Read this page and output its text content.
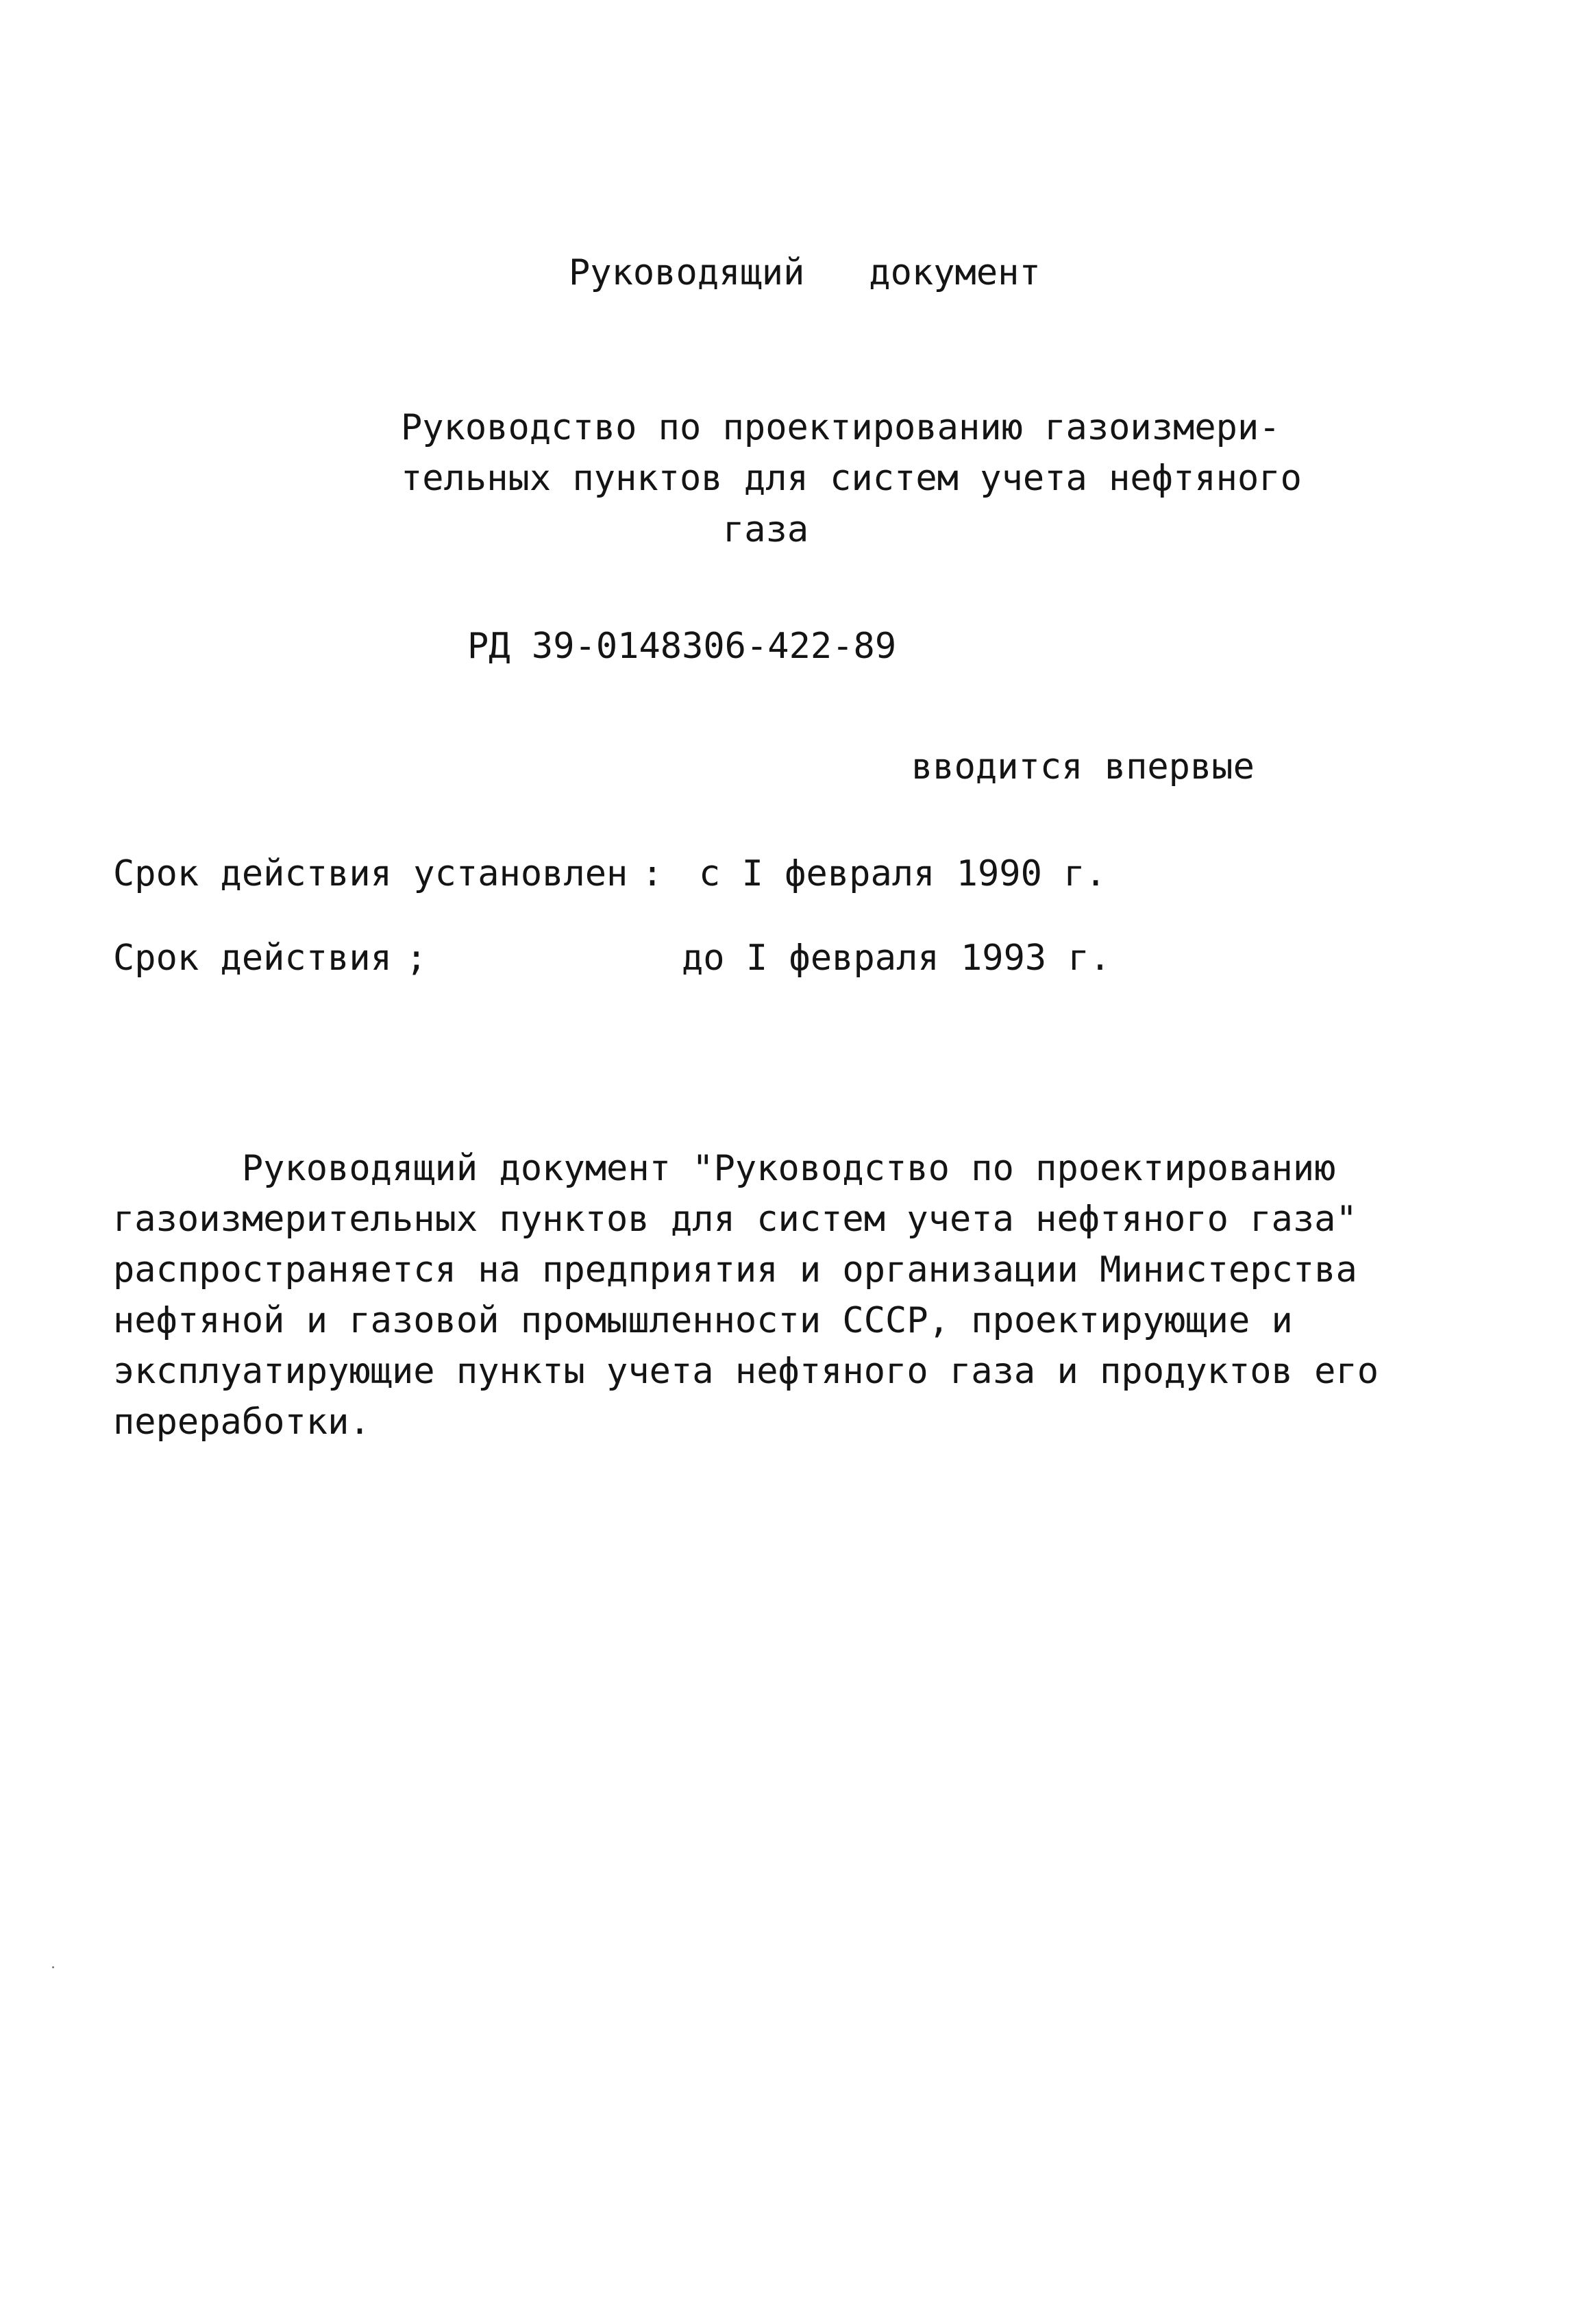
Руководящий   документ
Руководство по проектированию газоизмери-
тельных пунктов для систем учета нефтяного
газа
РД 39-0148306-422-89
вводится впервые
Срок действия установлен : с I февраля 1990 г.
Срок действия ;	до I февраля 1993 г.
Руководящий документ "Руководство по проектированию
газоизмерительных пунктов для систем учета нефтяного газа"
распространяется на предприятия и организации Министерства
нефтяной и газовой промышленности СССР, проектирующие и
эксплуатирующие пункты учета нефтяного газа и продуктов его
переработки.
